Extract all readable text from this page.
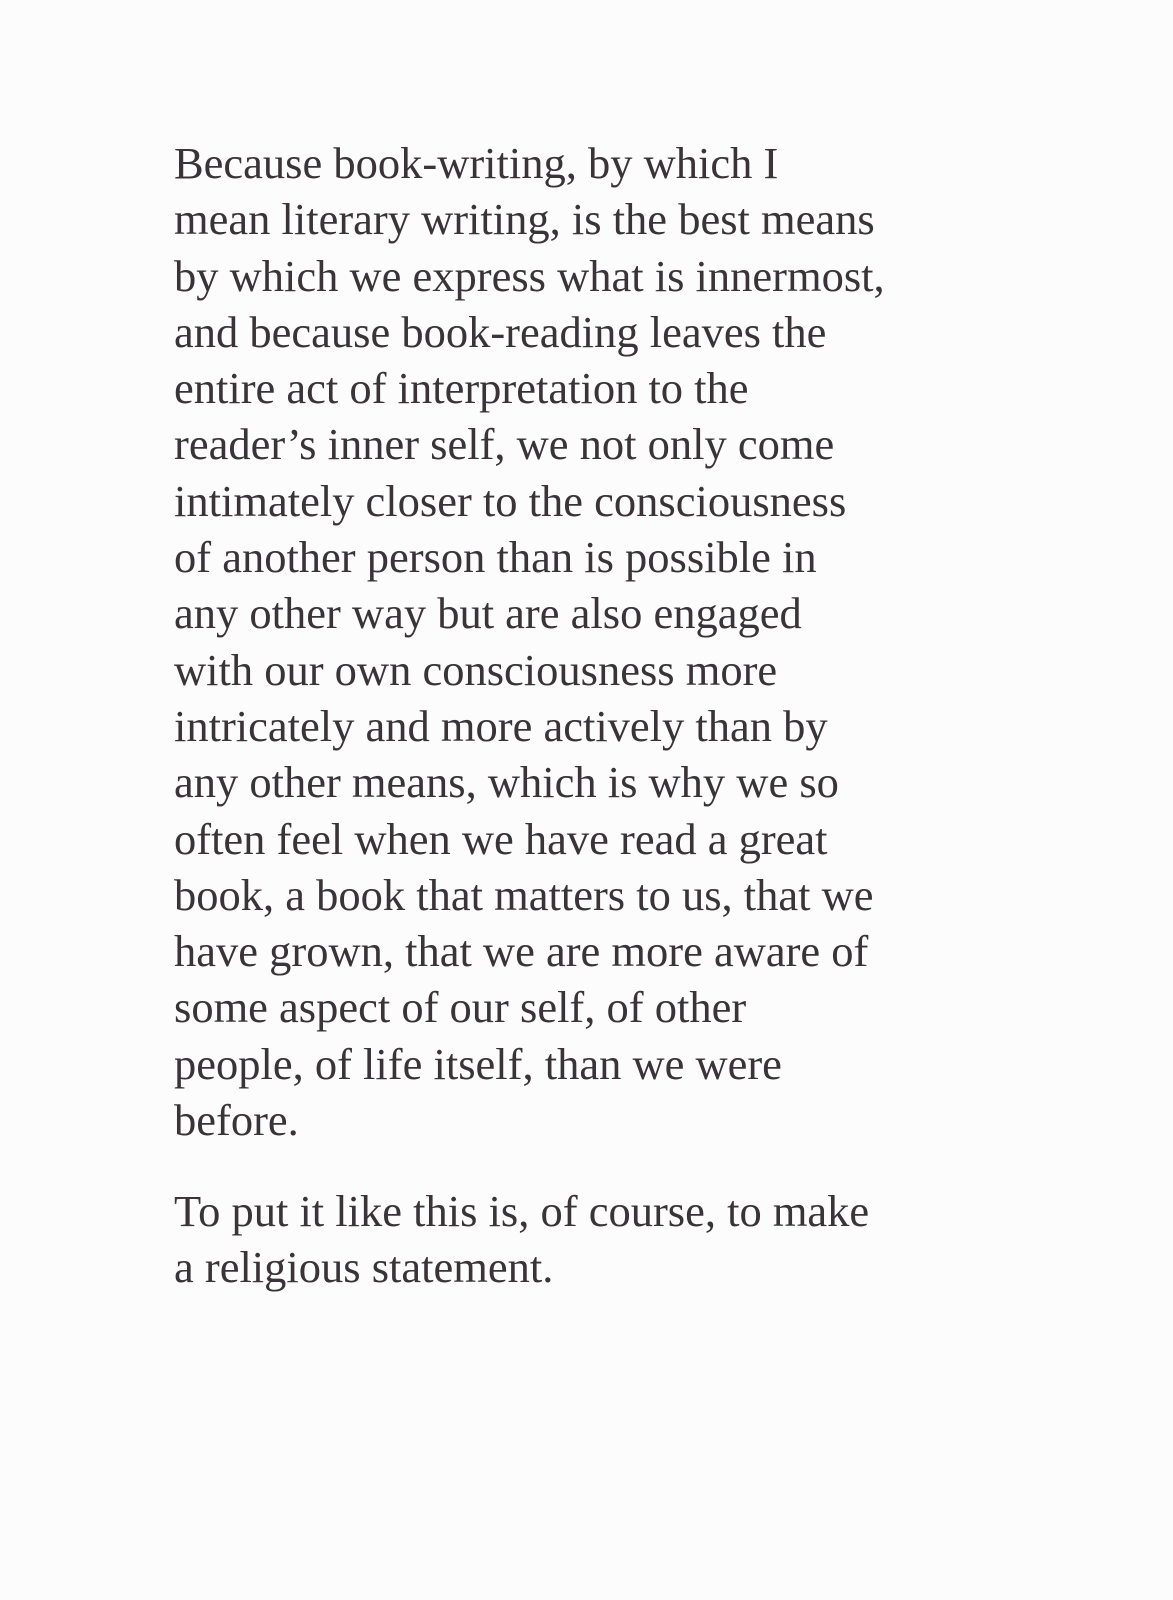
Because book-writing, by which I
mean literary writing, is the best means
by which we express what is innermost,
and because book-reading leaves the
entire act of interpretation to the
reader’s inner self, we not only come
intimately closer to the consciousness
of another person than is possible in
any other way but are also engaged
with our own consciousness more
intricately and more actively than by
any other means, which is why we so
often feel when we have read a great
book, a book that matters to us, that we
have grown, that we are more aware of
some aspect of our self, of other
people, of life itself, than we were
before.
To put it like this is, of course, to make
a religious statement.
